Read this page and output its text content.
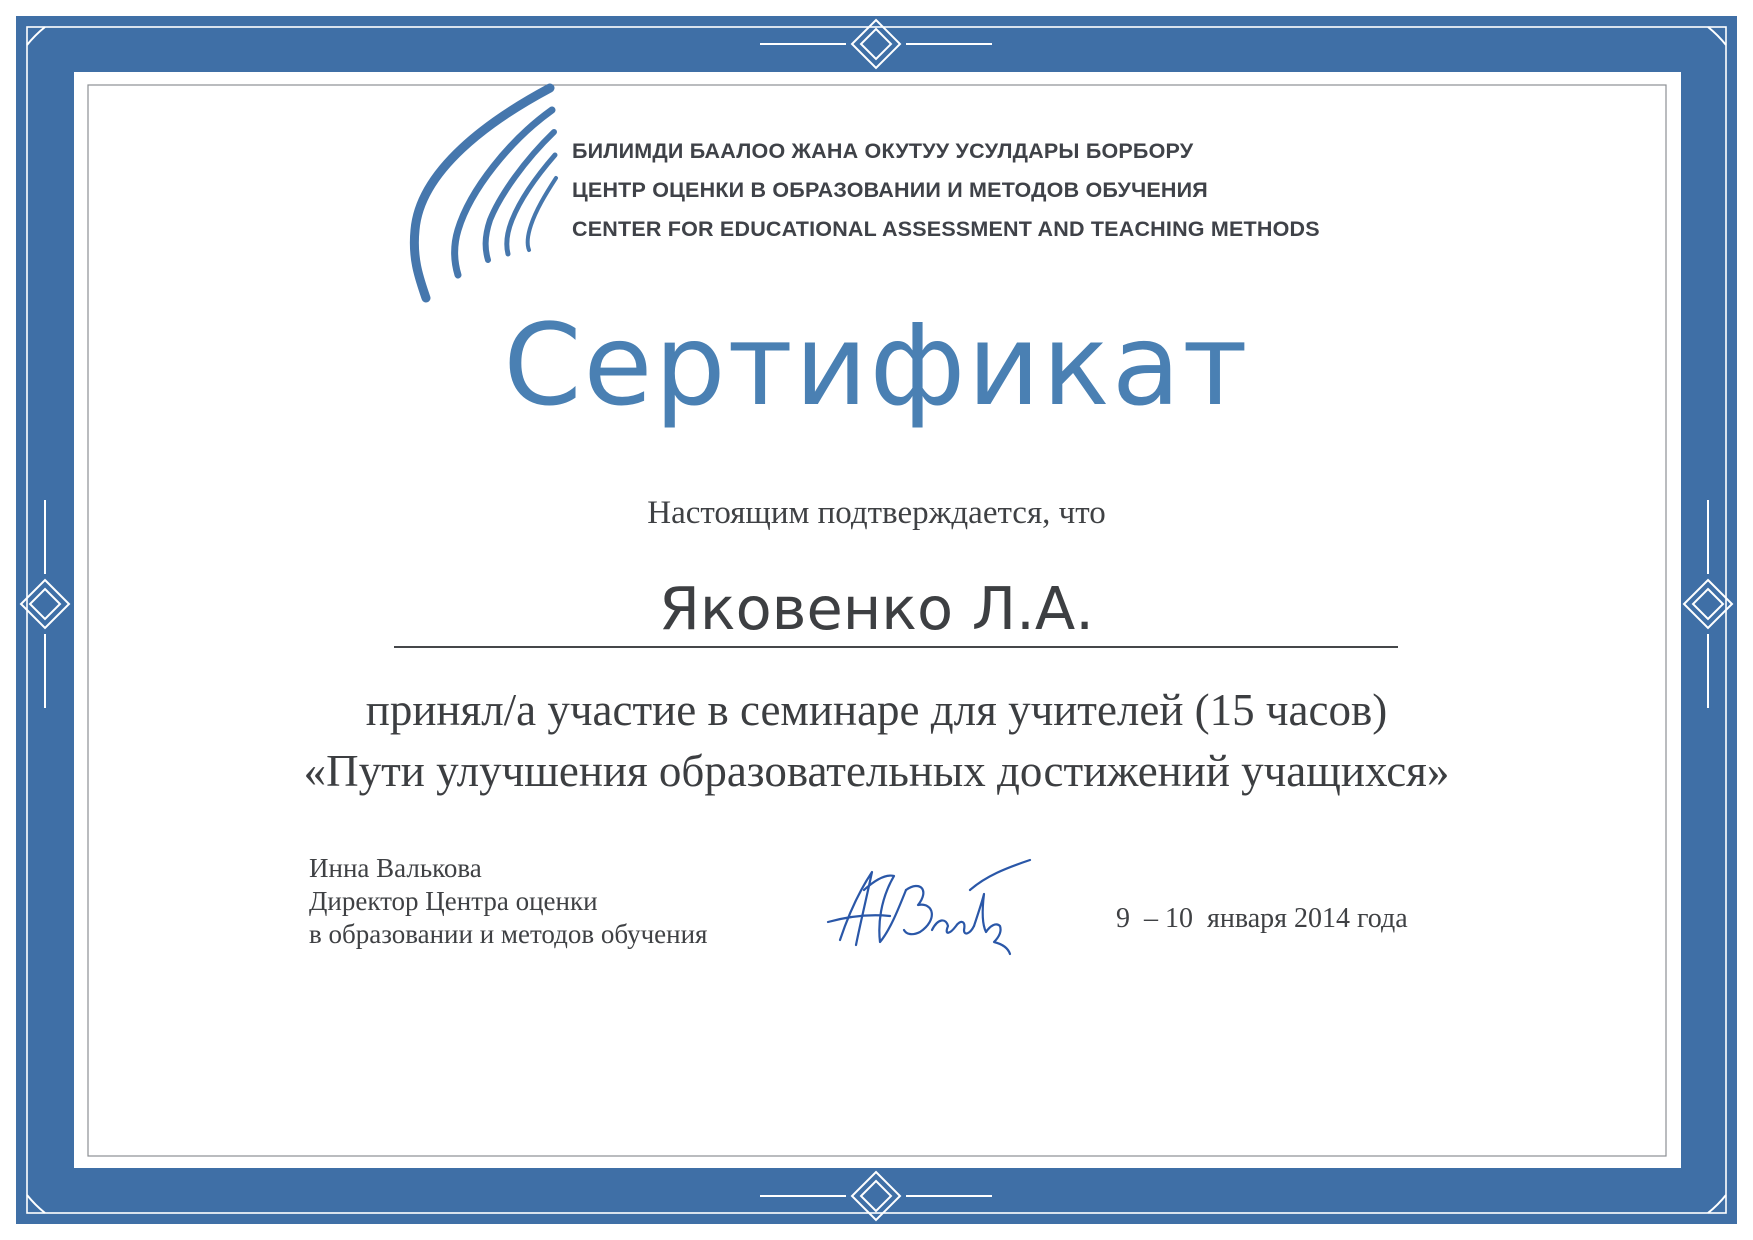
БИЛИМДИ БААЛОО ЖАНА ОКУТУУ УСУЛДАРЫ БОРБОРУ
ЦЕНТР ОЦЕНКИ В ОБРАЗОВАНИИ И МЕТОДОВ ОБУЧЕНИЯ
CENTER FOR EDUCATIONAL ASSESSMENT AND TEACHING METHODS
Сертификат
Настоящим подтверждается, что
Яковенко Л.А.
принял/а участие в семинаре для учителей (15 часов)
«Пути улучшения образовательных достижений учащихся»
Инна Валькова
Директор Центра оценки
в образовании и методов обучения	9  – 10  января 2014 года
